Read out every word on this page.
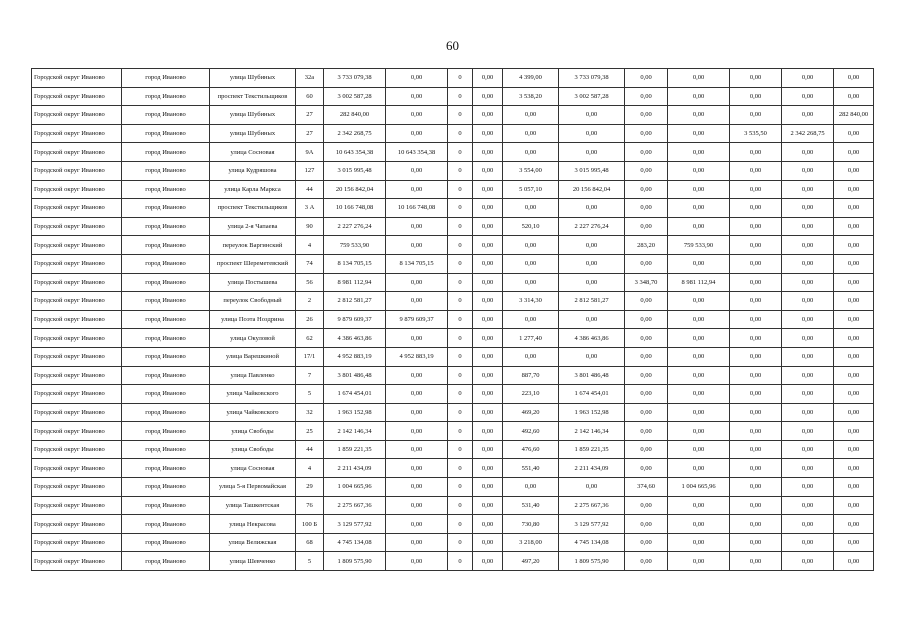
60
Городской округ Иваново	город Иваново	улица Шубиных	32а	3 733 079,38	0,00	0	0,00	4 399,00	3 733 079,38	0,00	0,00	0,00	0,00	0,00
Городской округ Иваново	город Иваново	проспект Текстильщиков	60	3 002 587,28	0,00	0	0,00	3 538,20	3 002 587,28	0,00	0,00	0,00	0,00	0,00
Городской округ Иваново	город Иваново	улица Шубиных	27	282 840,00	0,00	0	0,00	0,00	0,00	0,00	0,00	0,00	0,00	282 840,00
Городской округ Иваново	город Иваново	улица Шубиных	27	2 342 268,75	0,00	0	0,00	0,00	0,00	0,00	0,00	3 535,50	2 342 268,75	0,00
Городской округ Иваново	город Иваново	улица Сосновая	9А	10 643 354,38	10 643 354,38	0	0,00	0,00	0,00	0,00	0,00	0,00	0,00	0,00
Городской округ Иваново	город Иваново	улица Кудряшова	127	3 015 995,48	0,00	0	0,00	3 554,00	3 015 995,48	0,00	0,00	0,00	0,00	0,00
Городской округ Иваново	город Иваново	улица Карла Маркса	44	20 156 842,04	0,00	0	0,00	5 057,10	20 156 842,04	0,00	0,00	0,00	0,00	0,00
Городской округ Иваново	город Иваново	проспект Текстильщиков	3 А	10 166 748,08	10 166 748,08	0	0,00	0,00	0,00	0,00	0,00	0,00	0,00	0,00
Городской округ Иваново	город Иваново	улица 2-я Чапаева	90	2 227 276,24	0,00	0	0,00	520,10	2 227 276,24	0,00	0,00	0,00	0,00	0,00
Городской округ Иваново	город Иваново	переулок Варгинский	4	759 533,90	0,00	0	0,00	0,00	0,00	283,20	759 533,90	0,00	0,00	0,00
Городской округ Иваново	город Иваново	проспект Шереметевский	74	8 134 705,15	8 134 705,15	0	0,00	0,00	0,00	0,00	0,00	0,00	0,00	0,00
Городской округ Иваново	город Иваново	улица Постышева	56	8 981 112,94	0,00	0	0,00	0,00	0,00	3 348,70	8 981 112,94	0,00	0,00	0,00
Городской округ Иваново	город Иваново	переулок Свободный	2	2 812 581,27	0,00	0	0,00	3 314,30	2 812 581,27	0,00	0,00	0,00	0,00	0,00
Городской округ Иваново	город Иваново	улица Поэта Ноздрина	26	9 879 609,37	9 879 609,37	0	0,00	0,00	0,00	0,00	0,00	0,00	0,00	0,00
Городской округ Иваново	город Иваново	улица Окуловой	62	4 386 463,86	0,00	0	0,00	1 277,40	4 386 463,86	0,00	0,00	0,00	0,00	0,00
Городской округ Иваново	город Иваново	улица Варешкиной	17/1	4 952 883,19	4 952 883,19	0	0,00	0,00	0,00	0,00	0,00	0,00	0,00	0,00
Городской округ Иваново	город Иваново	улица Павленко	7	3 801 486,48	0,00	0	0,00	887,70	3 801 486,48	0,00	0,00	0,00	0,00	0,00
Городской округ Иваново	город Иваново	улица Чайковского	5	1 674 454,01	0,00	0	0,00	223,10	1 674 454,01	0,00	0,00	0,00	0,00	0,00
Городской округ Иваново	город Иваново	улица Чайковского	32	1 963 152,98	0,00	0	0,00	469,20	1 963 152,98	0,00	0,00	0,00	0,00	0,00
Городской округ Иваново	город Иваново	улица Свободы	25	2 142 146,34	0,00	0	0,00	492,60	2 142 146,34	0,00	0,00	0,00	0,00	0,00
Городской округ Иваново	город Иваново	улица Свободы	44	1 859 221,35	0,00	0	0,00	476,60	1 859 221,35	0,00	0,00	0,00	0,00	0,00
Городской округ Иваново	город Иваново	улица Сосновая	4	2 211 434,09	0,00	0	0,00	551,40	2 211 434,09	0,00	0,00	0,00	0,00	0,00
Городской округ Иваново	город Иваново	улица 5-я Первомайская	29	1 004 665,96	0,00	0	0,00	0,00	0,00	374,60	1 004 665,96	0,00	0,00	0,00
Городской округ Иваново	город Иваново	улица Ташкентская	76	2 275 667,36	0,00	0	0,00	531,40	2 275 667,36	0,00	0,00	0,00	0,00	0,00
Городской округ Иваново	город Иваново	улица Некрасова	100 Б	3 129 577,92	0,00	0	0,00	730,80	3 129 577,92	0,00	0,00	0,00	0,00	0,00
Городской округ Иваново	город Иваново	улица Велижская	68	4 745 134,08	0,00	0	0,00	3 218,00	4 745 134,08	0,00	0,00	0,00	0,00	0,00
Городской округ Иваново	город Иваново	улица Шевченко	5	1 809 575,90	0,00	0	0,00	497,20	1 809 575,90	0,00	0,00	0,00	0,00	0,00
